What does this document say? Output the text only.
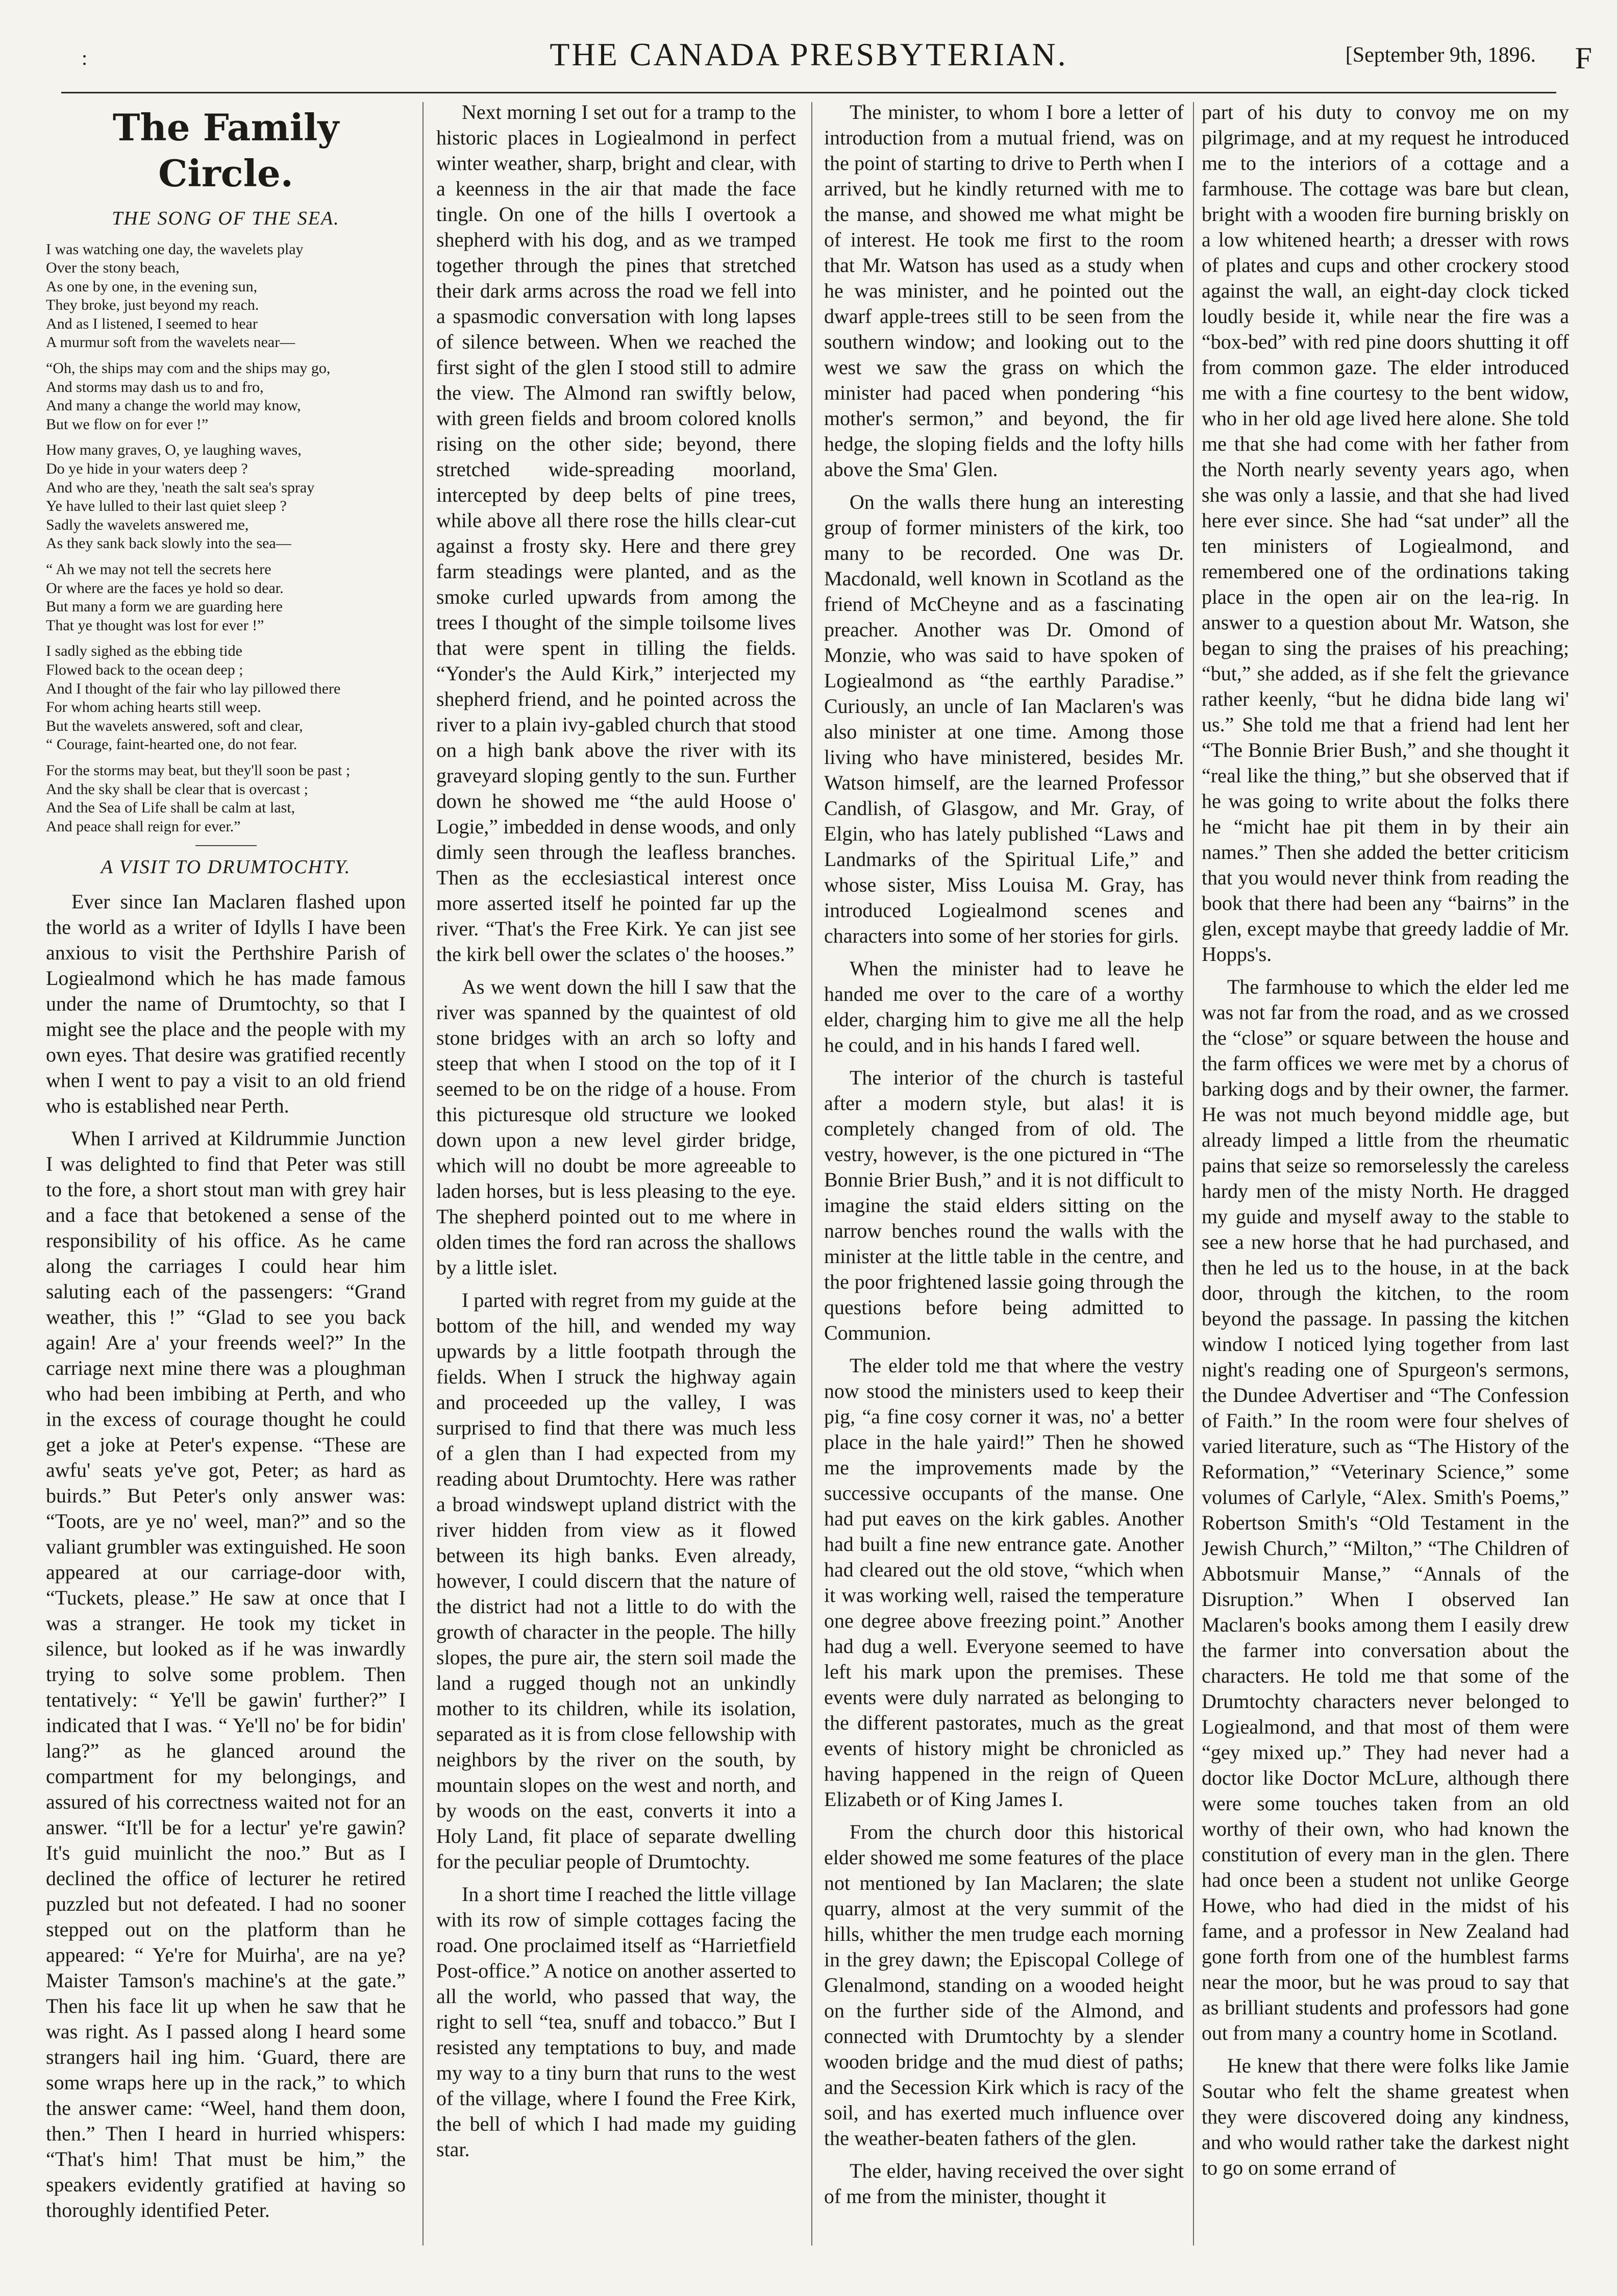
:	THE CANADA PRESBYTERIAN.	[September 9th, 1896. F
The Family Circle.
THE SONG OF THE SEA.
I was watching one day, the wavelets play
Over the stony beach,
As one by one, in the evening sun,
They broke, just beyond my reach.
And as I listened, I seemed to hear
A murmur soft from the wavelets near—
“Oh, the ships may com and the ships may go,
And storms may dash us to and fro,
And many a change the world may know,
But we flow on for ever !”
How many graves, O, ye laughing waves,
Do ye hide in your waters deep ?
And who are they, 'neath the salt sea's spray
Ye have lulled to their last quiet sleep ?
Sadly the wavelets answered me,
As they sank back slowly into the sea—
“ Ah we may not tell the secrets here
Or where are the faces ye hold so dear.
But many a form we are guarding here
That ye thought was lost for ever !”
I sadly sighed as the ebbing tide
Flowed back to the ocean deep ;
And I thought of the fair who lay pillowed there
For whom aching hearts still weep.
But the wavelets answered, soft and clear,
“ Courage, faint-hearted one, do not fear.
For the storms may beat, but they'll soon be past ;
And the sky shall be clear that is overcast ;
And the Sea of Life shall be calm at last,
And peace shall reign for ever.”
A VISIT TO DRUMTOCHTY.

Ever since Ian Maclaren flashed upon the world as a writer of Idylls I have been anxious to visit the Perthshire Parish of Logiealmond which he has made famous under the name of Drumtochty, so that I might see the place and the people with my own eyes. That desire was gratified recently when I went to pay a visit to an old friend who is established near Perth.

When I arrived at Kildrummie Junction I was delighted to find that Peter was still to the fore, a short stout man with grey hair and a face that betokened a sense of the responsibility of his office. As he came along the carriages I could hear him saluting each of the passengers: “Grand weather, this !” “Glad to see you back again! Are a' your freends weel?” In the carriage next mine there was a ploughman who had been imbibing at Perth, and who in the excess of courage thought he could get a joke at Peter's expense. “These are awfu' seats ye've got, Peter; as hard as buirds.” But Peter's only answer was: “Toots, are ye no' weel, man?” and so the valiant grumbler was extinguished. He soon appeared at our carriage-door with, “Tuckets, please.” He saw at once that I was a stranger. He took my ticket in silence, but looked as if he was inwardly trying to solve some problem. Then tentatively: “ Ye'll be gawin' further?” I indicated that I was. “ Ye'll no' be for bidin' lang?” as he glanced around the compartment for my belongings, and assured of his correctness waited not for an answer. “It'll be for a lectur' ye're gawin? It's guid muinlicht the noo.” But as I declined the office of lecturer he retired puzzled but not defeated. I had no sooner stepped out on the platform than he appeared: “ Ye're for Muirha', are na ye? Maister Tamson's machine's at the gate.” Then his face lit up when he saw that he was right. As I passed along I heard some strangers hail ing him. ‘Guard, there are some wraps here up in the rack,” to which the answer came: “Weel, hand them doon, then.” Then I heard in hurried whispers: “That's him! That must be him,” the speakers evidently gratified at having so thoroughly identified Peter.

Next morning I set out for a tramp to the historic places in Logiealmond in perfect winter weather, sharp, bright and clear, with a keenness in the air that made the face tingle. On one of the hills I overtook a shepherd with his dog, and as we tramped together through the pines that stretched their dark arms across the road we fell into a spasmodic conversation with long lapses of silence between. When we reached the first sight of the glen I stood still to admire the view. The Almond ran swiftly below, with green fields and broom colored knolls rising on the other side; beyond, there stretched wide-spreading moorland, intercepted by deep belts of pine trees, while above all there rose the hills clear-cut against a frosty sky. Here and there grey farm steadings were planted, and as the smoke curled upwards from among the trees I thought of the simple toilsome lives that were spent in tilling the fields. “Yonder's the Auld Kirk,” interjected my shepherd friend, and he pointed across the river to a plain ivy-gabled church that stood on a high bank above the river with its graveyard sloping gently to the sun. Further down he showed me “the auld Hoose o' Logie,” imbedded in dense woods, and only dimly seen through the leafless branches. Then as the ecclesiastical interest once more asserted itself he pointed far up the river. “That's the Free Kirk. Ye can jist see the kirk bell ower the sclates o' the hooses.”

As we went down the hill I saw that the river was spanned by the quaintest of old stone bridges with an arch so lofty and steep that when I stood on the top of it I seemed to be on the ridge of a house. From this picturesque old structure we looked down upon a new level girder bridge, which will no doubt be more agreeable to laden horses, but is less pleasing to the eye. The shepherd pointed out to me where in olden times the ford ran across the shallows by a little islet.

I parted with regret from my guide at the bottom of the hill, and wended my way upwards by a little footpath through the fields. When I struck the highway again and proceeded up the valley, I was surprised to find that there was much less of a glen than I had expected from my reading about Drumtochty. Here was rather a broad windswept upland district with the river hidden from view as it flowed between its high banks. Even already, however, I could discern that the nature of the district had not a little to do with the growth of character in the people. The hilly slopes, the pure air, the stern soil made the land a rugged though not an unkindly mother to its children, while its isolation, separated as it is from close fellowship with neighbors by the river on the south, by mountain slopes on the west and north, and by woods on the east, converts it into a Holy Land, fit place of separate dwelling for the peculiar people of Drumtochty.

In a short time I reached the little village with its row of simple cottages facing the road. One proclaimed itself as “Harrietfield Post-office.” A notice on another asserted to all the world, who passed that way, the right to sell “tea, snuff and tobacco.” But I resisted any temptations to buy, and made my way to a tiny burn that runs to the west of the village, where I found the Free Kirk, the bell of which I had made my guiding star.

The minister, to whom I bore a letter of introduction from a mutual friend, was on the point of starting to drive to Perth when I arrived, but he kindly returned with me to the manse, and showed me what might be of interest. He took me first to the room that Mr. Watson has used as a study when he was minister, and he pointed out the dwarf apple-trees still to be seen from the southern window; and looking out to the west we saw the grass on which the minister had paced when pondering “his mother's sermon,” and beyond, the fir hedge, the sloping fields and the lofty hills above the Sma' Glen.

On the walls there hung an interesting group of former ministers of the kirk, too many to be recorded. One was Dr. Macdonald, well known in Scotland as the friend of McCheyne and as a fascinating preacher. Another was Dr. Omond of Monzie, who was said to have spoken of Logiealmond as “the earthly Paradise.” Curiously, an uncle of Ian Maclaren's was also minister at one time. Among those living who have ministered, besides Mr. Watson himself, are the learned Professor Candlish, of Glasgow, and Mr. Gray, of Elgin, who has lately published “Laws and Landmarks of the Spiritual Life,” and whose sister, Miss Louisa M. Gray, has introduced Logiealmond scenes and characters into some of her stories for girls.

When the minister had to leave he handed me over to the care of a worthy elder, charging him to give me all the help he could, and in his hands I fared well.

The interior of the church is tasteful after a modern style, but alas! it is completely changed from of old. The vestry, however, is the one pictured in “The Bonnie Brier Bush,” and it is not difficult to imagine the staid elders sitting on the narrow benches round the walls with the minister at the little table in the centre, and the poor frightened lassie going through the questions before being admitted to Communion.

The elder told me that where the vestry now stood the ministers used to keep their pig, “a fine cosy corner it was, no' a better place in the hale yaird!” Then he showed me the improvements made by the successive occupants of the manse. One had put eaves on the kirk gables. Another had built a fine new entrance gate. Another had cleared out the old stove, “which when it was working well, raised the temperature one degree above freezing point.” Another had dug a well. Everyone seemed to have left his mark upon the premises. These events were duly narrated as belonging to the different pastorates, much as the great events of history might be chronicled as having happened in the reign of Queen Elizabeth or of King James I.

From the church door this historical elder showed me some features of the place not mentioned by Ian Maclaren; the slate quarry, almost at the very summit of the hills, whither the men trudge each morning in the grey dawn; the Episcopal College of Glenalmond, standing on a wooded height on the further side of the Almond, and connected with Drumtochty by a slender wooden bridge and the mud diest of paths; and the Secession Kirk which is racy of the soil, and has exerted much influence over the weather-beaten fathers of the glen.

The elder, having received the over sight of me from the minister, thought it

part of his duty to convoy me on my pilgrimage, and at my request he introduced me to the interiors of a cottage and a farmhouse. The cottage was bare but clean, bright with a wooden fire burning briskly on a low whitened hearth; a dresser with rows of plates and cups and other crockery stood against the wall, an eight-day clock ticked loudly beside it, while near the fire was a “box-bed” with red pine doors shutting it off from common gaze. The elder introduced me with a fine courtesy to the bent widow, who in her old age lived here alone. She told me that she had come with her father from the North nearly seventy years ago, when she was only a lassie, and that she had lived here ever since. She had “sat under” all the ten ministers of Logiealmond, and remembered one of the ordinations taking place in the open air on the lea-rig. In answer to a question about Mr. Watson, she began to sing the praises of his preaching; “but,” she added, as if she felt the grievance rather keenly, “but he didna bide lang wi' us.” She told me that a friend had lent her “The Bonnie Brier Bush,” and she thought it “real like the thing,” but she observed that if he was going to write about the folks there he “micht hae pit them in by their ain names.” Then she added the better criticism that you would never think from reading the book that there had been any “bairns” in the glen, except maybe that greedy laddie of Mr. Hopps's.

The farmhouse to which the elder led me was not far from the road, and as we crossed the “close” or square between the house and the farm offices we were met by a chorus of barking dogs and by their owner, the farmer. He was not much beyond middle age, but already limped a little from the rheumatic pains that seize so remorselessly the careless hardy men of the misty North. He dragged my guide and myself away to the stable to see a new horse that he had purchased, and then he led us to the house, in at the back door, through the kitchen, to the room beyond the passage. In passing the kitchen window I noticed lying together from last night's reading one of Spurgeon's sermons, the Dundee Advertiser and “The Confession of Faith.” In the room were four shelves of varied literature, such as “The History of the Reformation,” “Veterinary Science,” some volumes of Carlyle, “Alex. Smith's Poems,” Robertson Smith's “Old Testament in the Jewish Church,” “Milton,” “The Children of Abbotsmuir Manse,” “Annals of the Disruption.” When I observed Ian Maclaren's books among them I easily drew the farmer into conversation about the characters. He told me that some of the Drumtochty characters never belonged to Logiealmond, and that most of them were “gey mixed up.” They had never had a doctor like Doctor McLure, although there were some touches taken from an old worthy of their own, who had known the constitution of every man in the glen. There had once been a student not unlike George Howe, who had died in the midst of his fame, and a professor in New Zealand had gone forth from one of the humblest farms near the moor, but he was proud to say that as brilliant students and professors had gone out from many a country home in Scotland.

He knew that there were folks like Jamie Soutar who felt the shame greatest when they were discovered doing any kindness, and who would rather take the darkest night to go on some errand of
